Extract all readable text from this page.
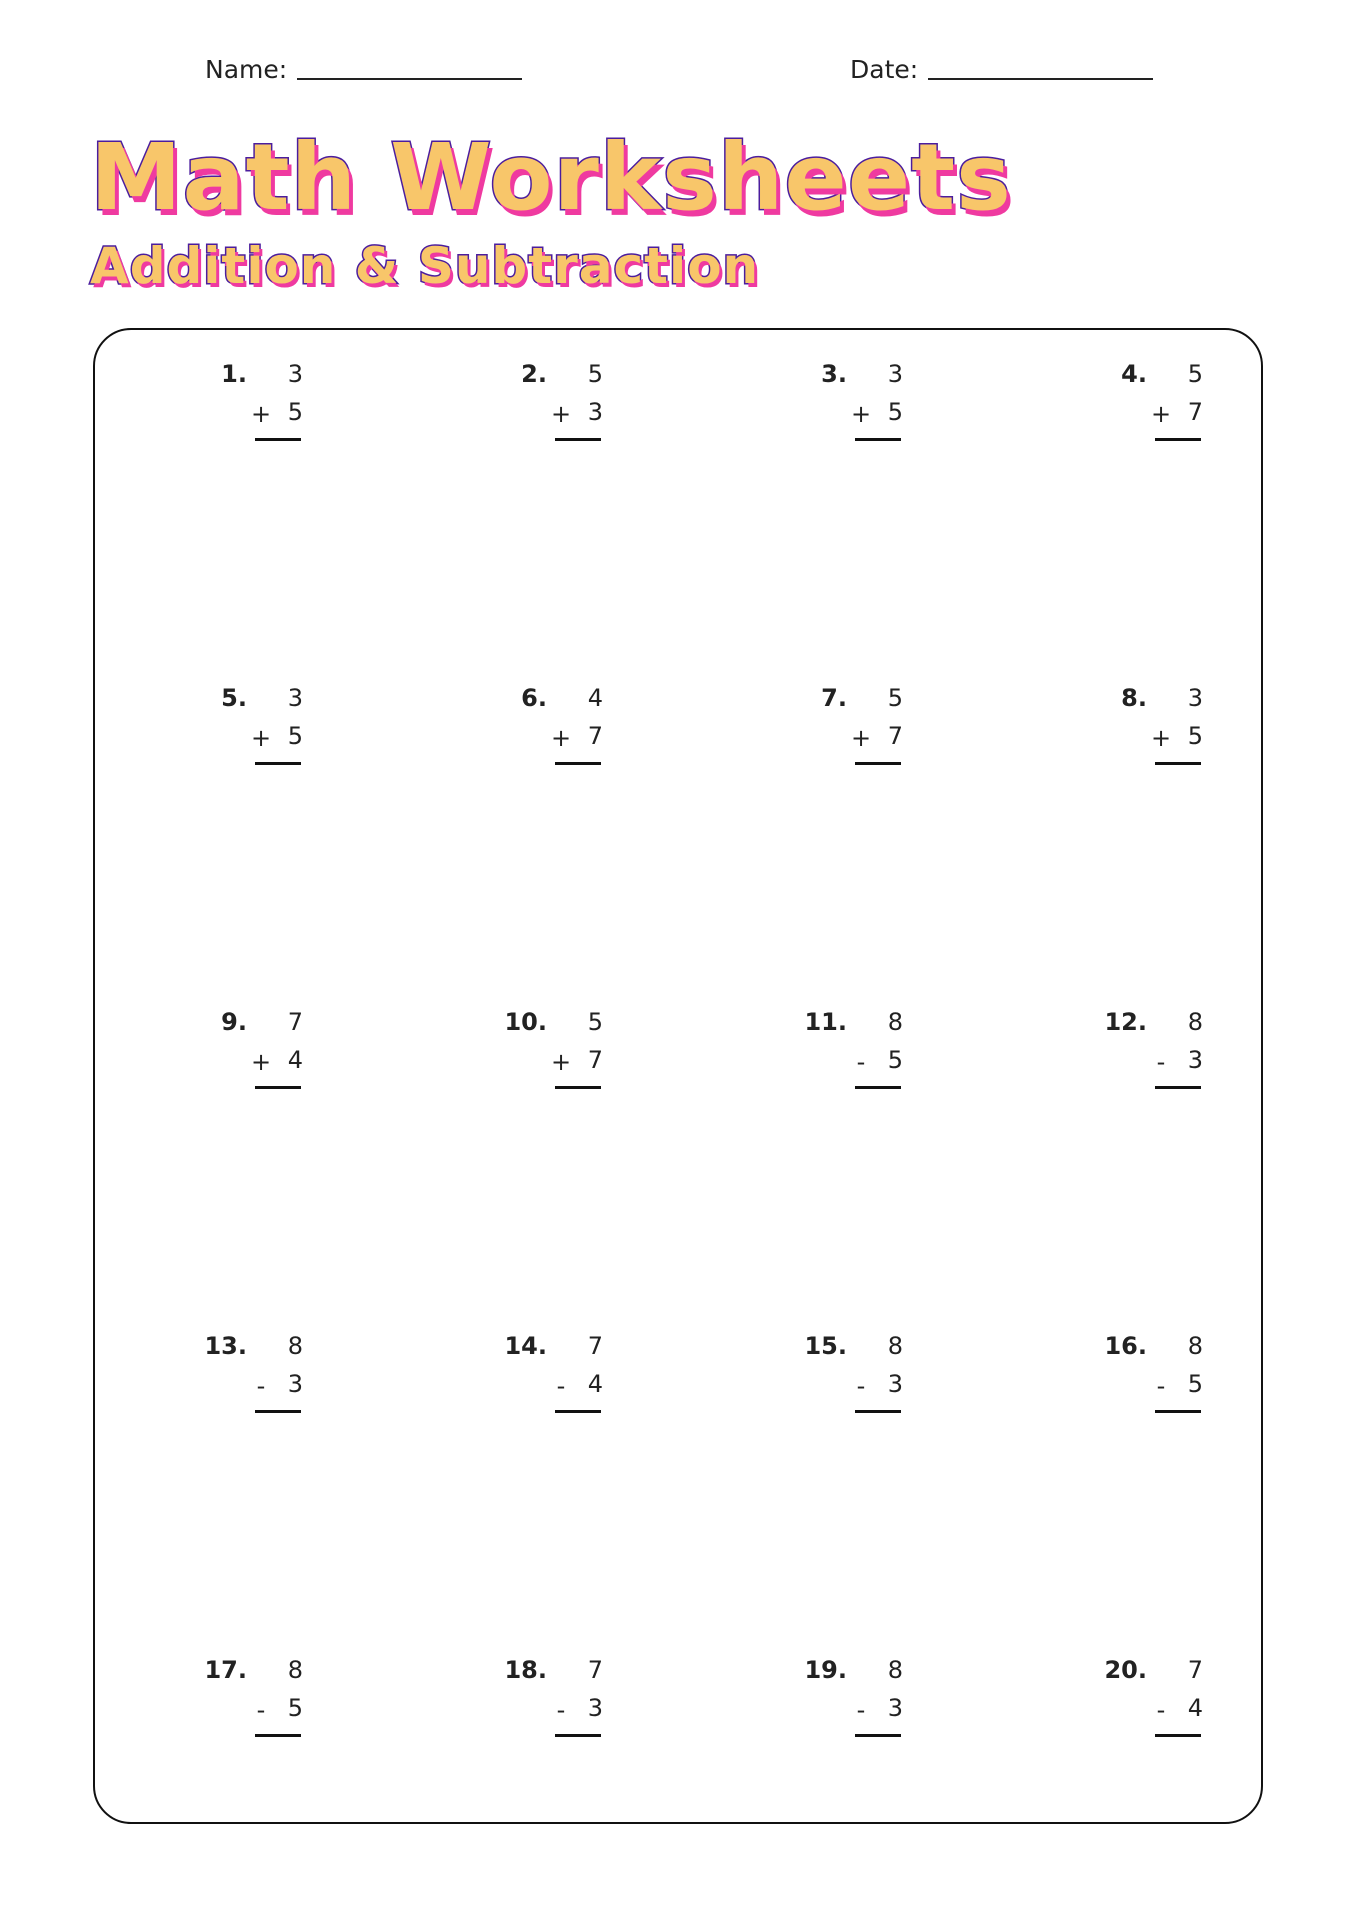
Name:	Date:
Math Worksheets
Addition & Subtraction
1.	3
+ 5
2.	5
+ 3
3.	3
+ 5
4.	5
+ 7
5.	3
+ 5
6.	4
+ 7
7.	5
+ 7
8.	3
+ 5
9.	7
+ 4
10.	5
+ 7
11.	8
- 5
12.	8
- 3
13.	8
- 3
14.	7
- 4
15.	8
- 3
16.	8
- 5
17.	8
- 5
18.	7
- 3
19.	8
- 3
20.	7
- 4
